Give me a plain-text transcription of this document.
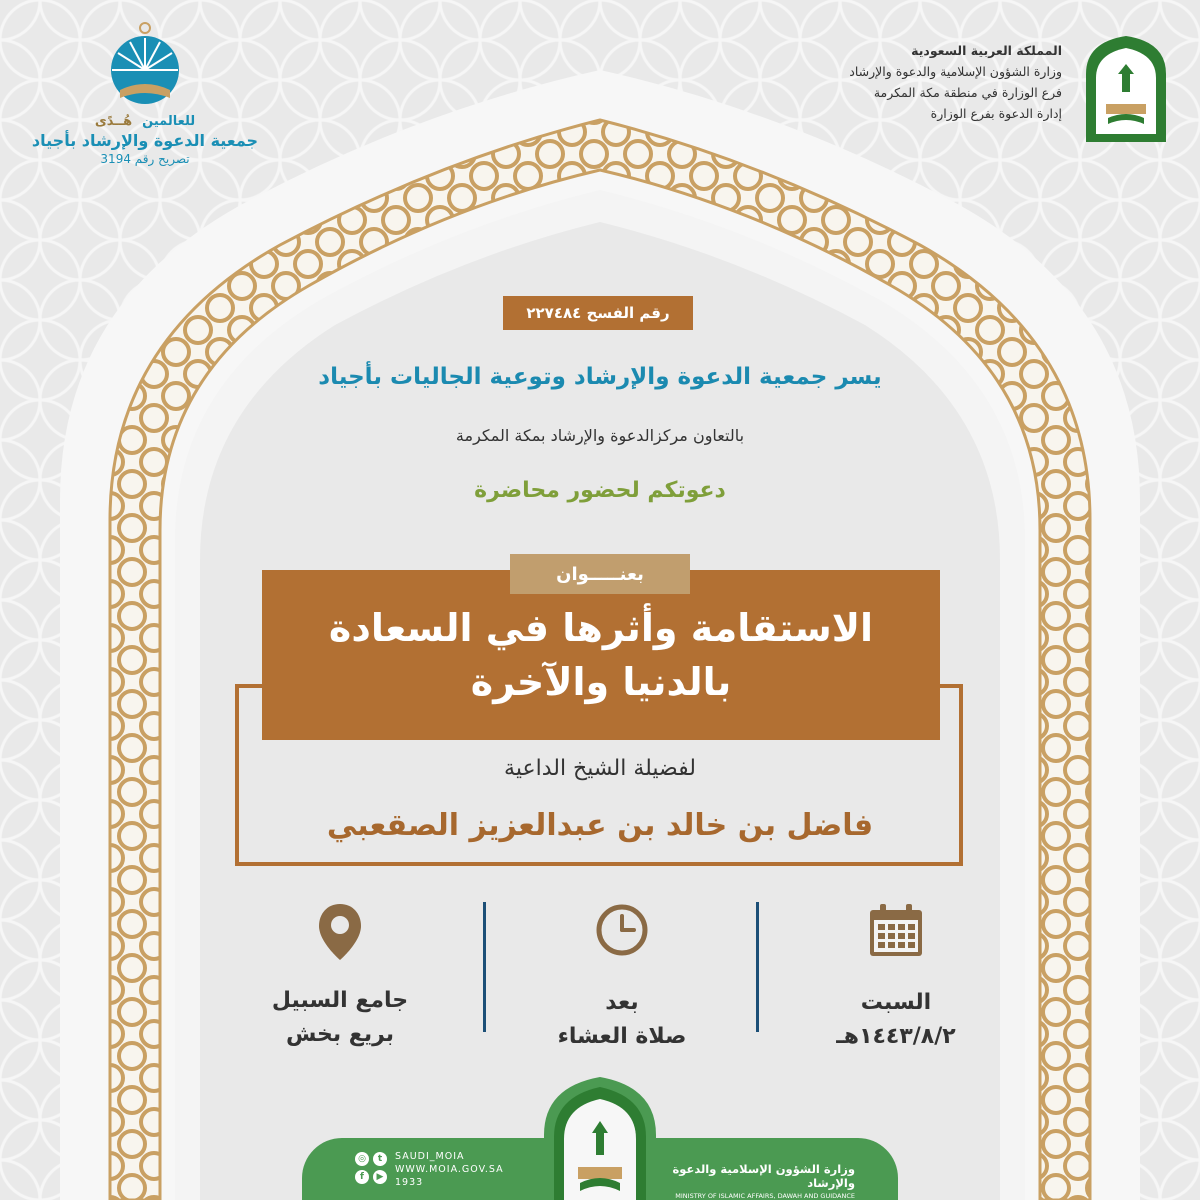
للعالمين
هُــدًى
جمعية الدعوة والإرشاد بأجياد
تصريح رقم 3194
المملكة العربية السعودية
وزارة الشؤون الإسلامية والدعوة والإرشاد
فرع الوزارة في منطقة مكة المكرمة
إدارة الدعوة بفرع الوزارة
رقم الفسح ٢٢٧٤٨٤
يسر جمعية الدعوة والإرشاد وتوعية الجاليات بأجياد
بالتعاون مركزالدعوة والإرشاد بمكة المكرمة
دعوتكم لحضور محاضرة
الاستقامة وأثرها في السعادة
بالدنيا والآخرة
بعنـــــوان
لفضيلة الشيخ الداعية
فاضل بن خالد بن عبدالعزيز الصقعبي
السبت
١٤٤٣/٨/٢هـ
بعد
صلاة العشاء
جامع السبيل
بريع بخش
t
◎
▶
f
SAUDI_MOIA
WWW.MOIA.GOV.SA
1933
وزارة الشؤون الإسلامية والدعوة والإرشاد
MINISTRY OF ISLAMIC AFFAIRS, DAWAH AND GUIDANCE
